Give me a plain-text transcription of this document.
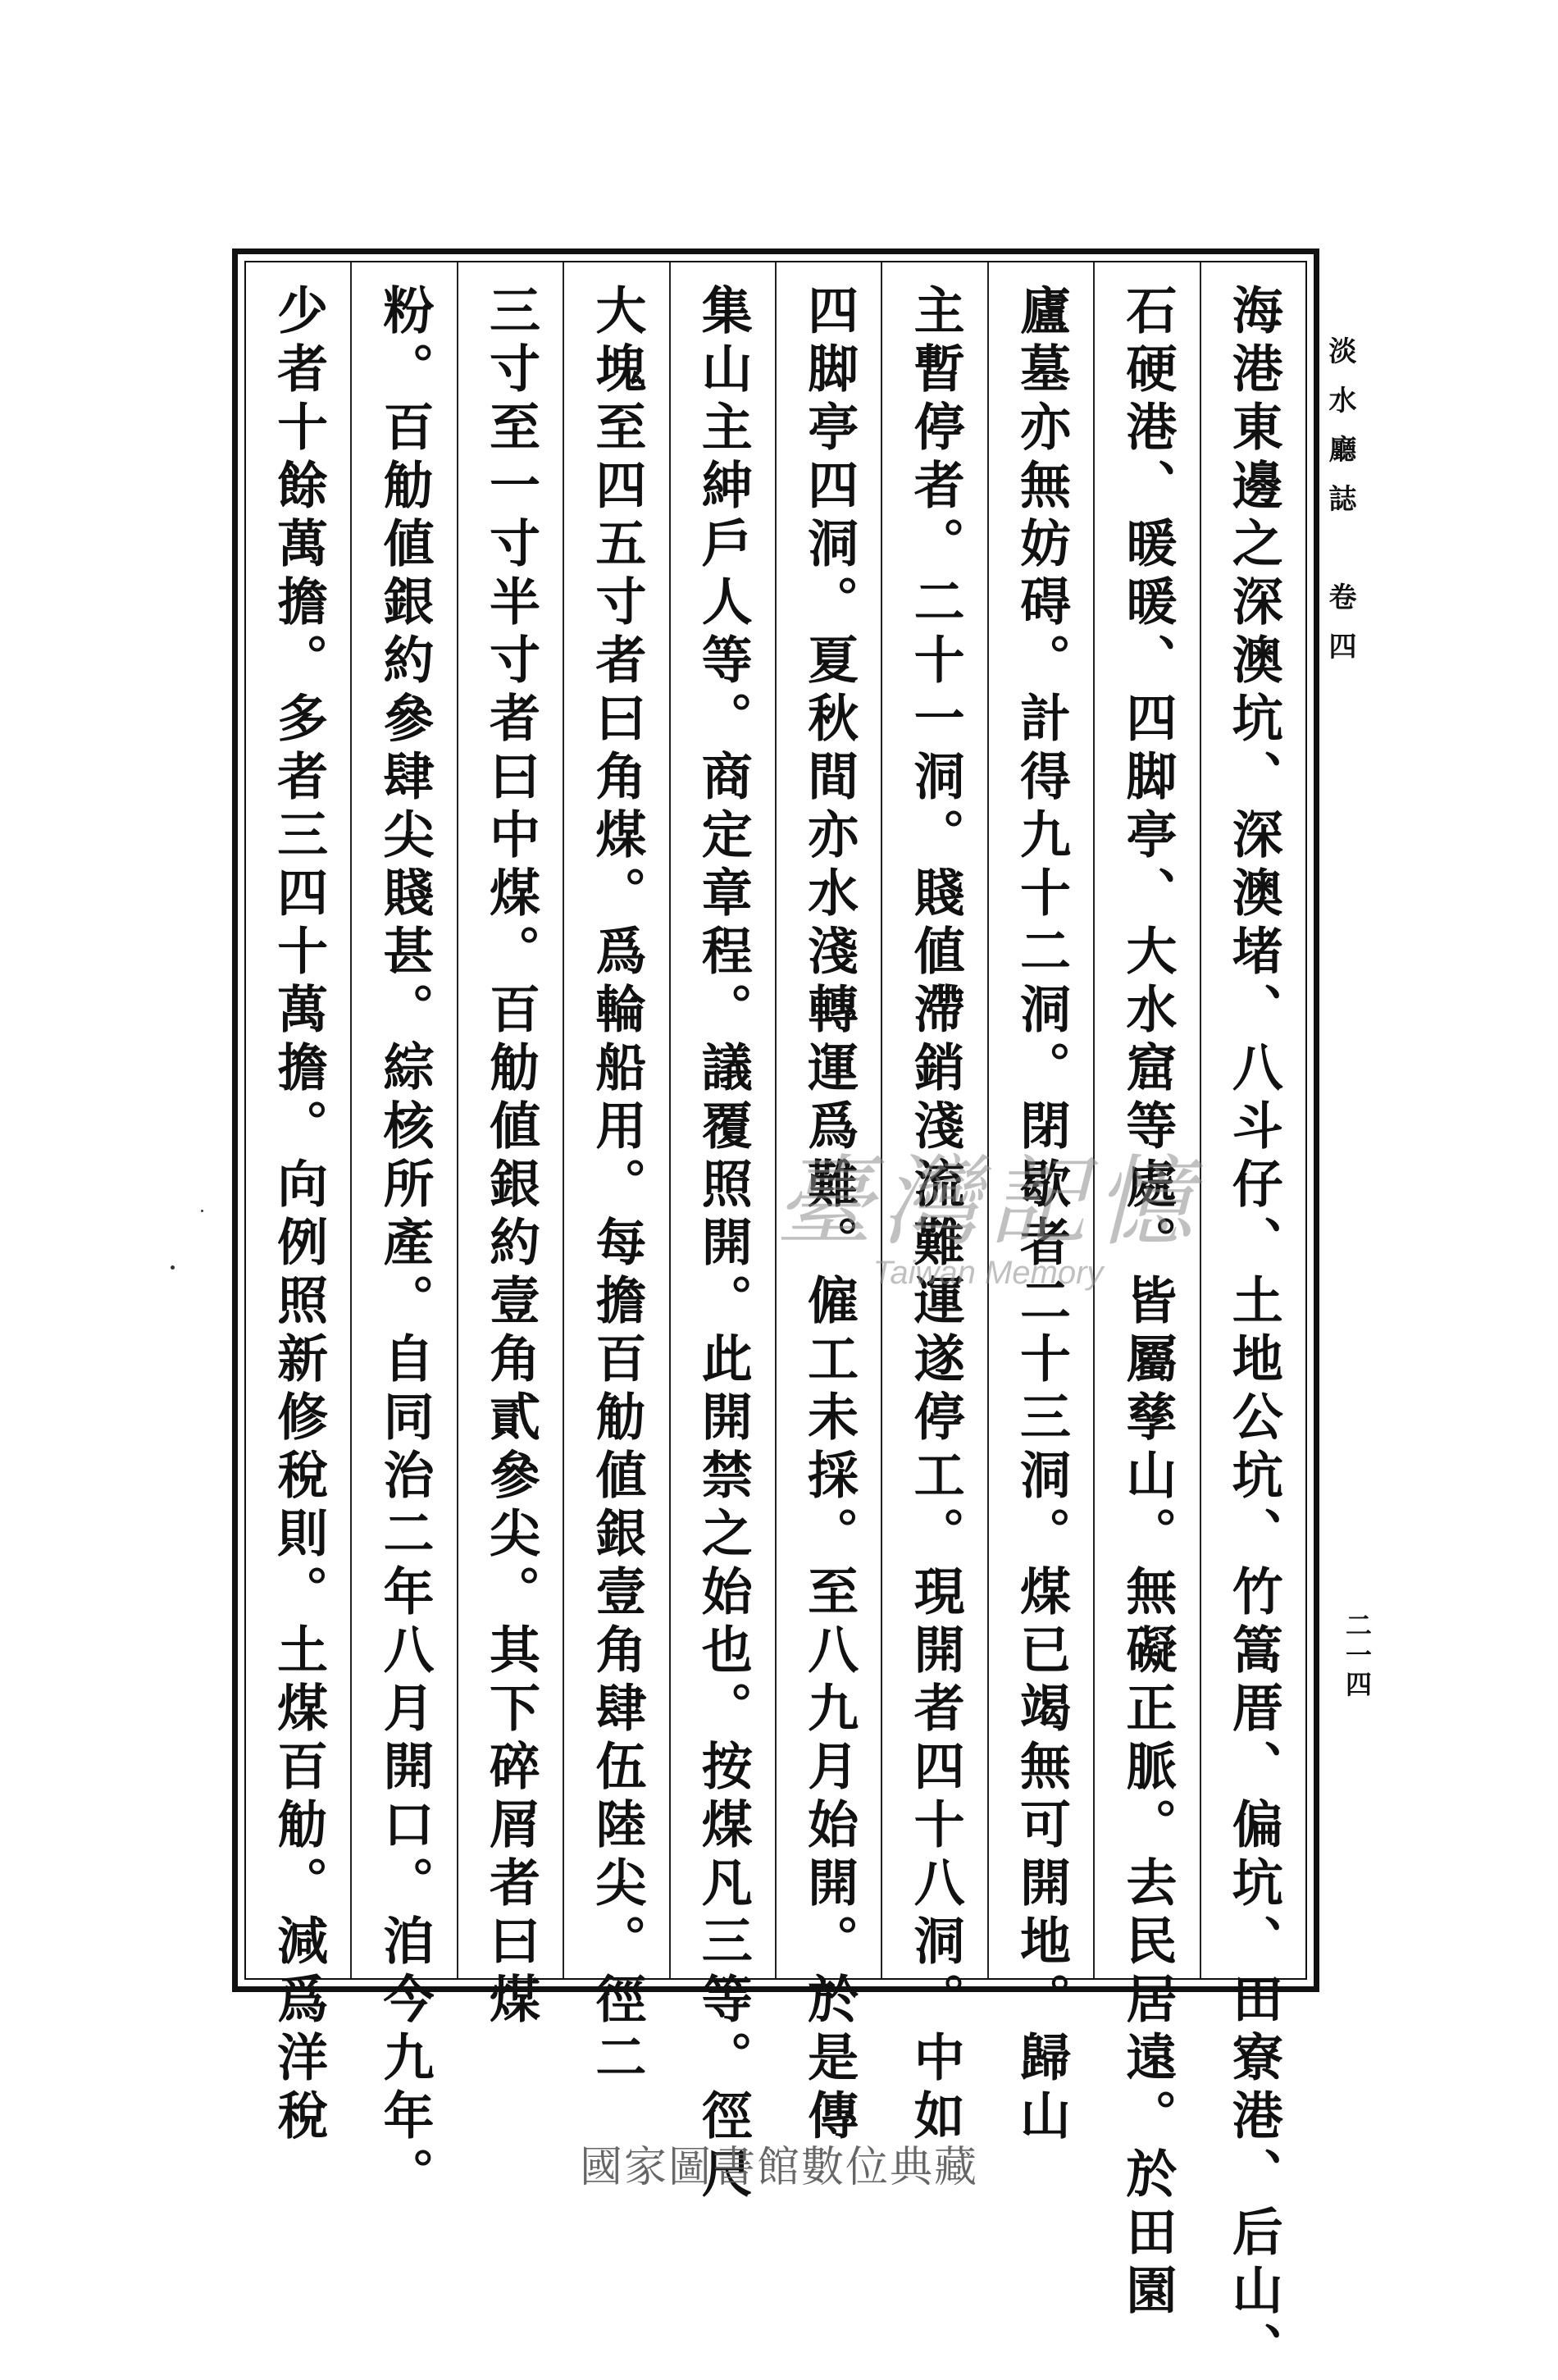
淡水廳誌　卷四
二一四
海港東邊之深澳坑、深澳堵、八斗仔、土地公坑、竹篙厝、偏坑、田寮港、后山、
石硬港、暖暖、四脚亭、大水窟等處。皆屬孳山。無礙正脈。去民居遠。於田園
廬墓亦無妨碍。計得九十二洞。閉歇者二十三洞。煤已竭無可開地。歸山
主暫停者。二十一洞。賤値滯銷淺流難運遂停工。現開者四十八洞。中如
四脚亭四洞。夏秋間亦水淺轉運爲難。僱工未採。至八九月始開。於是傳
集山主紳戶人等。商定章程。議覆照開。此開禁之始也。按煤凡三等。徑尺
大塊至四五寸者曰角煤。爲輪船用。每擔百觔値銀壹角肆伍陸尖。徑二
三寸至一寸半寸者曰中煤。百觔値銀約壹角貳參尖。其下碎屑者曰煤
粉。百觔値銀約參肆尖賤甚。綜核所產。自同治二年八月開口。洎今九年。
少者十餘萬擔。多者三四十萬擔。向例照新修稅則。土煤百觔。減爲洋稅	臺灣記憶
Taiwan Memory
國家圖書館數位典藏
